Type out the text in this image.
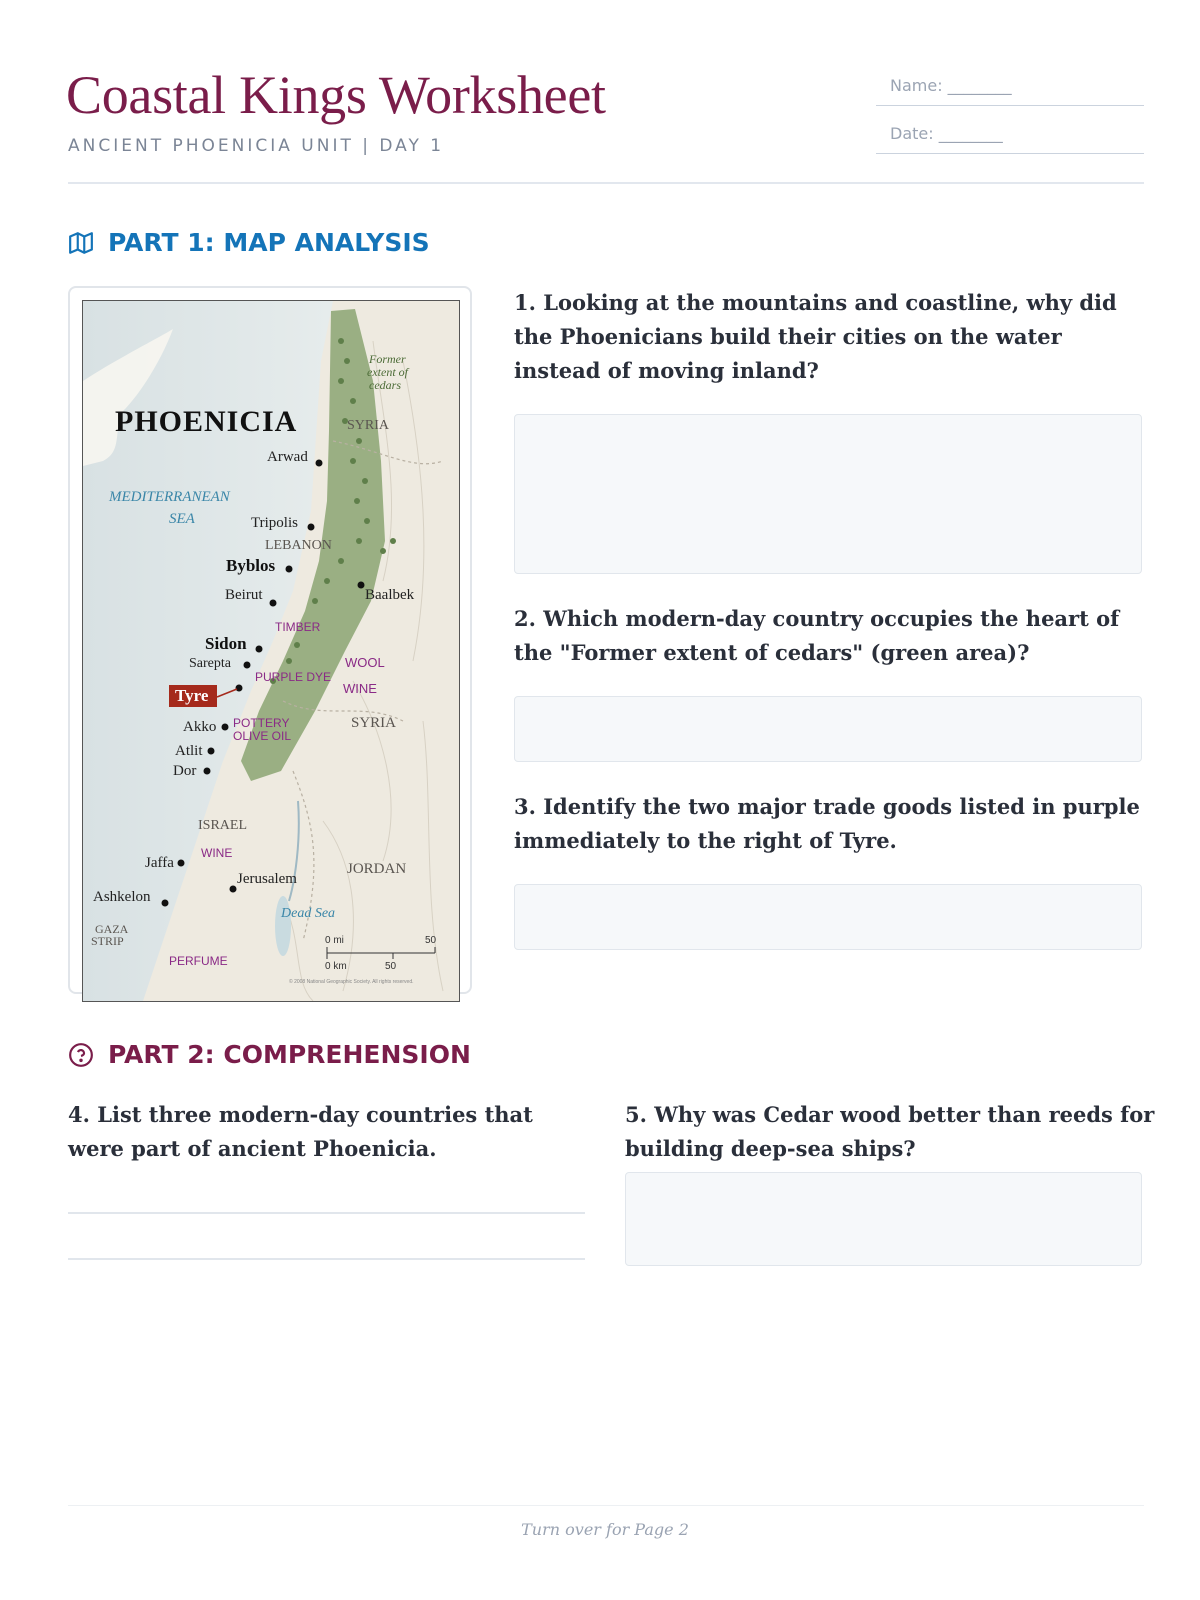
Coastal Kings Worksheet
ANCIENT PHOENICIA UNIT | DAY 1
Name: ________
Date: ________
PART 1: MAP ANALYSIS
PHOENICIA
MEDITERRANEAN
SEA
Former
extent of
cedars
SYRIA
LEBANON
SYRIA
ISRAEL
JORDAN
GAZA
STRIP
Dead Sea
Arwad
Tripolis
Byblos
Beirut	Baalbek
Sidon
Sarepta
Tyre
Akko
Atlit
Dor
Jaffa
Jerusalem
Ashkelon
TIMBER
WOOL
PURPLE DYE
WINE
POTTERY
OLIVE OIL
WINE
PERFUME
0 mi	50
0 km	50
© 2008 National Geographic Society. All rights reserved.
1. Looking at the mountains and coastline, why did the Phoenicians build their cities on the water instead of moving inland?
2. Which modern-day country occupies the heart of the "Former extent of cedars" (green area)?
3. Identify the two major trade goods listed in purple immediately to the right of Tyre.
PART 2: COMPREHENSION
4. List three modern-day countries that were part of ancient Phoenicia.
5. Why was Cedar wood better than reeds for building deep-sea ships?
Turn over for Page 2
